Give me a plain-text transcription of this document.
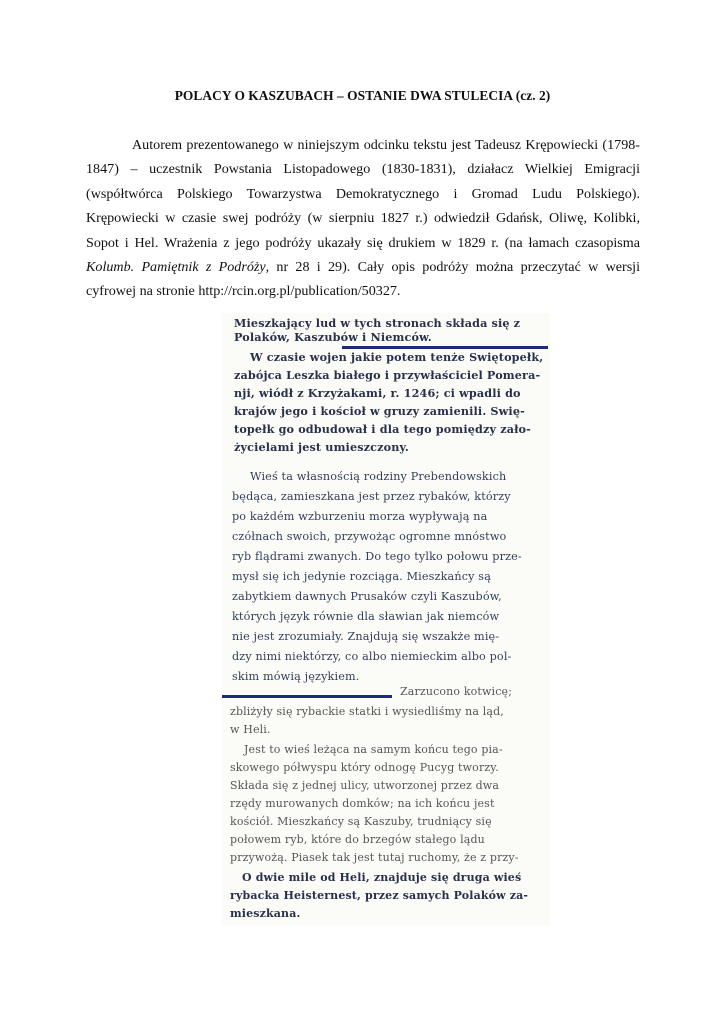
POLACY O KASZUBACH – OSTANIE DWA STULECIA (cz. 2)

Autorem prezentowanego w niniejszym odcinku tekstu jest Tadeusz Krępowiecki (1798-1847) – uczestnik Powstania Listopadowego (1830-1831), działacz Wielkiej Emigracji (współtwórca Polskiego Towarzystwa Demokratycznego i Gromad Ludu Polskiego). Krępowiecki w czasie swej podróży (w sierpniu 1827 r.) odwiedził Gdańsk, Oliwę, Kolibki, Sopot i Hel. Wrażenia z jego podróży ukazały się drukiem w 1829 r. (na łamach czasopisma Kolumb. Pamiętnik z Podróży, nr 28 i 29). Cały opis podróży można przeczytać w wersji cyfrowej na stronie http://rcin.org.pl/publication/50327.

Mieszkający lud w tych stronach składa się z
Polaków, Kaszubów i Niemców.
W czasie wojen jakie potem tenże Swiętopełk,
zabójca Leszka białego i przywłaściciel Pomera-
nji, wiódł z Krzyżakami, r. 1246; ci wpadli do
krajów jego i kościoł w gruzy zamienili. Swię-
topełk go odbudował i dla tego pomiędzy zało-
życielami jest umieszczony.
Wieś ta własnością rodziny Prebendowskich
będąca, zamieszkana jest przez rybaków, którzy
po każdém wzburzeniu morza wypływają na
czółnach swoich, przywożąc ogromne mnóstwo
ryb flądrami zwanych. Do tego tylko połowu prze-
mysł się ich jedynie rozciąga. Mieszkańcy są
zabytkiem dawnych Prusaków czyli Kaszubów,
których język równie dla sławian jak niemców
nie jest zrozumiały. Znajdują się wszakże mię-
dzy nimi niektórzy, co albo niemieckim albo pol-
skim mówią językiem.
Zarzucono kotwicę;
zbliżyły się rybackie statki i wysiedliśmy na ląd,
w Heli.
Jest to wieś leżąca na samym końcu tego pia-
skowego półwyspu który odnogę Pucyg tworzy.
Składa się z jednej ulicy, utworzonej przez dwa
rzędy murowanych domków; na ich końcu jest
kościół. Mieszkańcy są Kaszuby, trudniący się
połowem ryb, które do brzegów stałego lądu
przywożą. Piasek tak jest tutaj ruchomy, że z przy-
O dwie mile od Heli, znajduje się druga wieś
rybacka Heisternest, przez samych Polaków za-
mieszkana.
